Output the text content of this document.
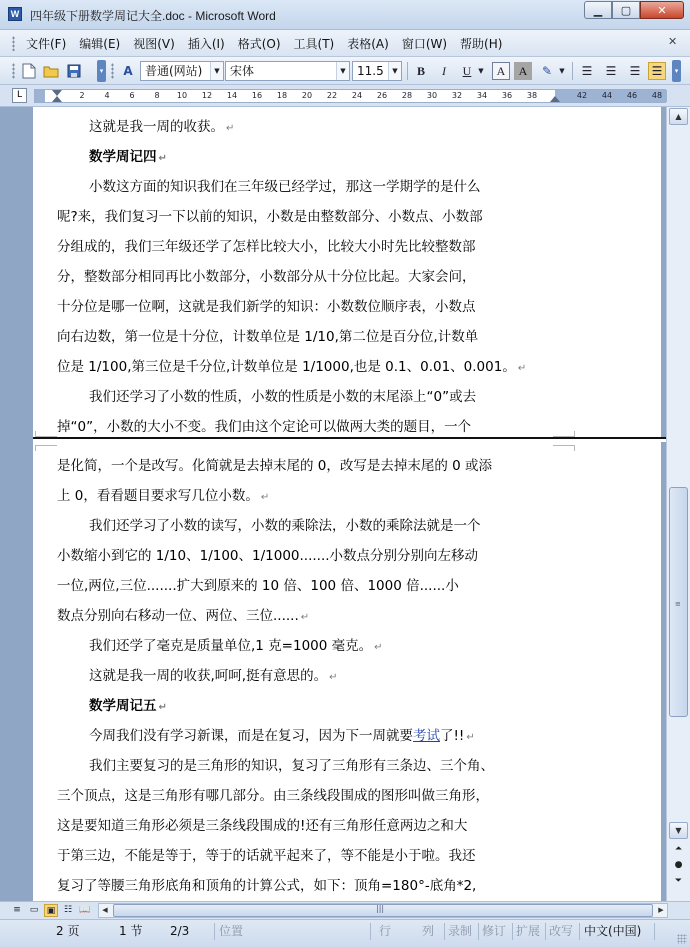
W 四年级下册数学周记大全.doc - Microsoft Word	▁	▢	✕
文件(F)	编辑(E)	视图(V)	插入(I)	格式(O)	工具(T)	表格(A)	窗口(W)	帮助(H)	✕
▾	A	普通(网站)	▼ 宋体	▼ 11.5	▼	B	I	U ▼	A	A	✎	▼	☰	☰	☰ ☰	▾
L	2 4 6 8 10 12 14 16 18 20 22 24 26 28 30 32 34 36 38	42 44 46 48
这就是我一周的收获。 ↵
数学周记四 ↵
小数这方面的知识我们在三年级已经学过，那这一学期学的是什么
呢?来，我们复习一下以前的知识，小数是由整数部分、小数点、小数部
分组成的，我们三年级还学了怎样比较大小，比较大小时先比较整数部
分，整数部分相同再比小数部分，小数部分从十分位比起。大家会问，
十分位是哪一位啊，这就是我们新学的知识：小数数位顺序表，小数点
向右边数，第一位是十分位，计数单位是 1/10,第二位是百分位,计数单
位是 1/100,第三位是千分位,计数单位是 1/1000,也是 0.1、0.01、0.001。 ↵
我们还学习了小数的性质，小数的性质是小数的末尾添上“0”或去
掉“0”，小数的大小不变。我们由这个定论可以做两大类的题目，一个
是化简，一个是改写。化简就是去掉末尾的 0，改写是去掉末尾的 0 或添
上 0，看看题目要求写几位小数。 ↵
我们还学习了小数的读写，小数的乘除法，小数的乘除法就是一个
小数缩小到它的 1/10、1/100、1/1000.......小数点分别分别向左移动
一位,两位,三位.......扩大到原来的 10 倍、100 倍、1000 倍......小
数点分别向右移动一位、两位、三位...... ↵
我们还学了毫克是质量单位,1 克=1000 毫克。 ↵
这就是我一周的收获,呵呵,挺有意思的。 ↵
数学周记五 ↵
今周我们没有学习新课，而是在复习，因为下一周就要考试了!! ↵
我们主要复习的是三角形的知识，复习了三角形有三条边、三个角、
三个顶点，这是三角形有哪几部分。由三条线段围成的图形叫做三角形，
这是要知道三角形必须是三条线段围成的!还有三角形任意两边之和大
于第三边，不能是等于，等于的话就平起来了，等不能是小于啦。我还
复习了等腰三角形底角和顶角的计算公式，如下：顶角=180°-底角*2,
▲
≡
▼
⏶
●
⏷
≡ ▭ ▣ ☷ 📖	◀	|||	▶
2 页	1 节 2/3 位置	行	列 录制 修订 扩展 改写 中文(中国)
